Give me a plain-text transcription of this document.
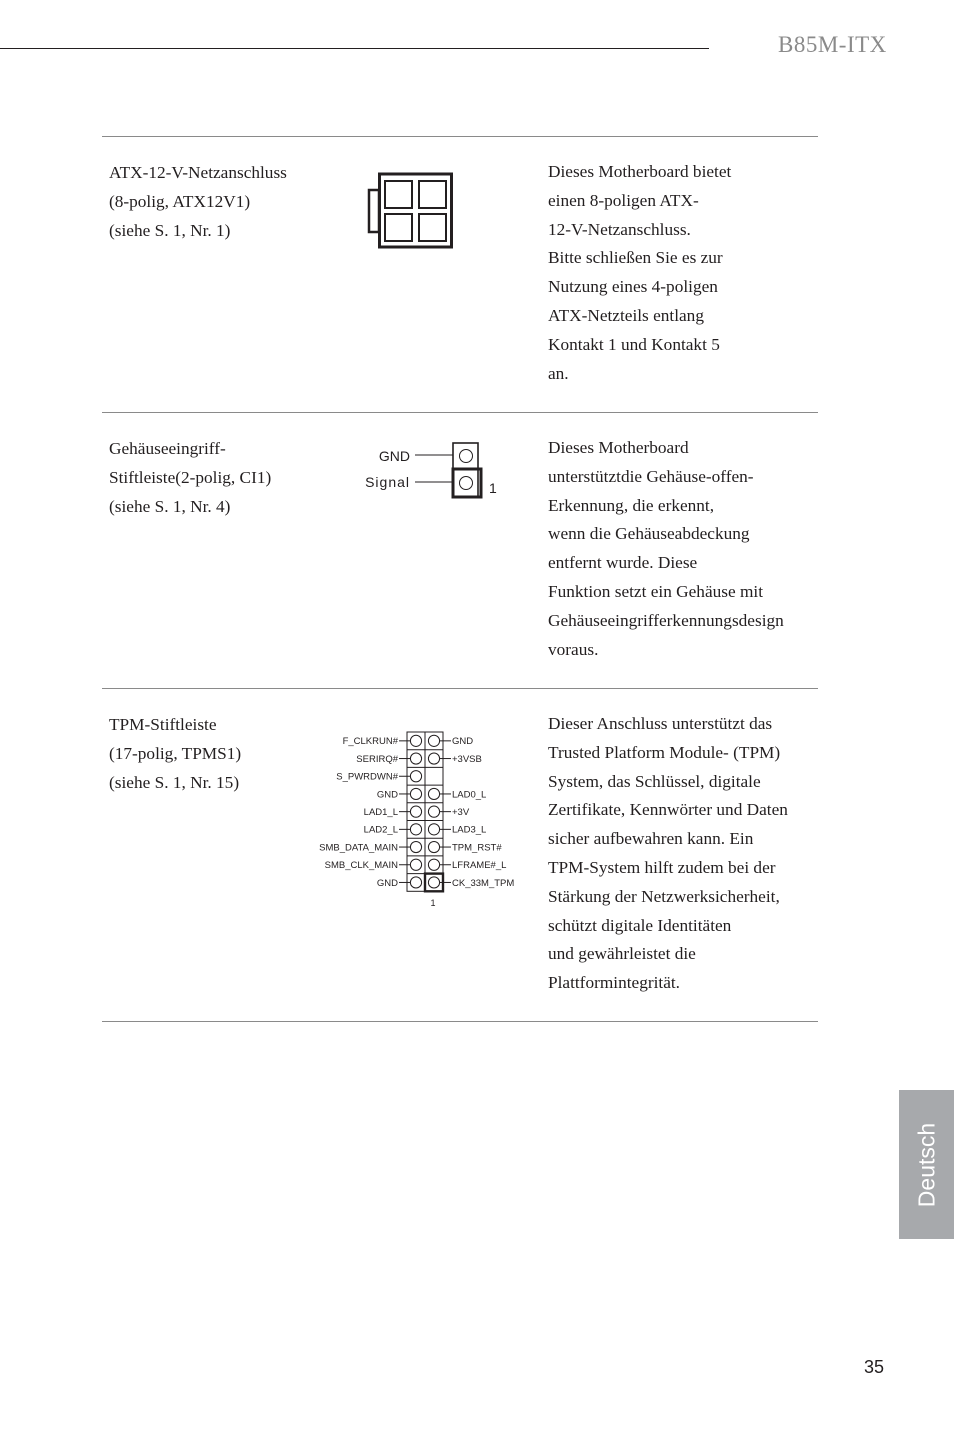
B85M-ITX
ATX-12-V-Netzanschluss
(8-polig, ATX12V1)
(siehe S. 1, Nr. 1)
Dieses Motherboard bietet
einen 8-poligen ATX-
12-V-Netzanschluss.
Bitte schließen Sie es zur
Nutzung eines 4-poligen
ATX-Netzteils entlang
Kontakt 1 und Kontakt 5
an.
Gehäuseeingriff-
Stiftleiste(2-polig, CI1)
(siehe S. 1, Nr. 4)
GND
Signal	1
Dieses Motherboard
unterstütztdie Gehäuse-offen-
Erkennung, die erkennt,
wenn die Gehäuseabdeckung
entfernt wurde. Diese
Funktion setzt ein Gehäuse mit
Gehäuseeingrifferkennungsdesign
voraus.
TPM-Stiftleiste
(17-polig, TPMS1)
(siehe S. 1, Nr. 15)
F_CLKRUN#
SERIRQ#
S_PWRDWN#
GND
LAD1_L
LAD2_L
SMB_DATA_MAIN
SMB_CLK_MAIN
GND
GND
+3VSB
LAD0_L
+3V
LAD3_L
TPM_RST#
LFRAME#_L
CK_33M_TPM
1
Dieser Anschluss unterstützt das
Trusted Platform Module- (TPM)
System, das Schlüssel, digitale
Zertifikate, Kennwörter und Daten
sicher aufbewahren kann. Ein
TPM-System hilft zudem bei der
Stärkung der Netzwerksicherheit,
schützt digitale Identitäten
und gewährleistet die
Plattformintegrität.
Deutsch
35
